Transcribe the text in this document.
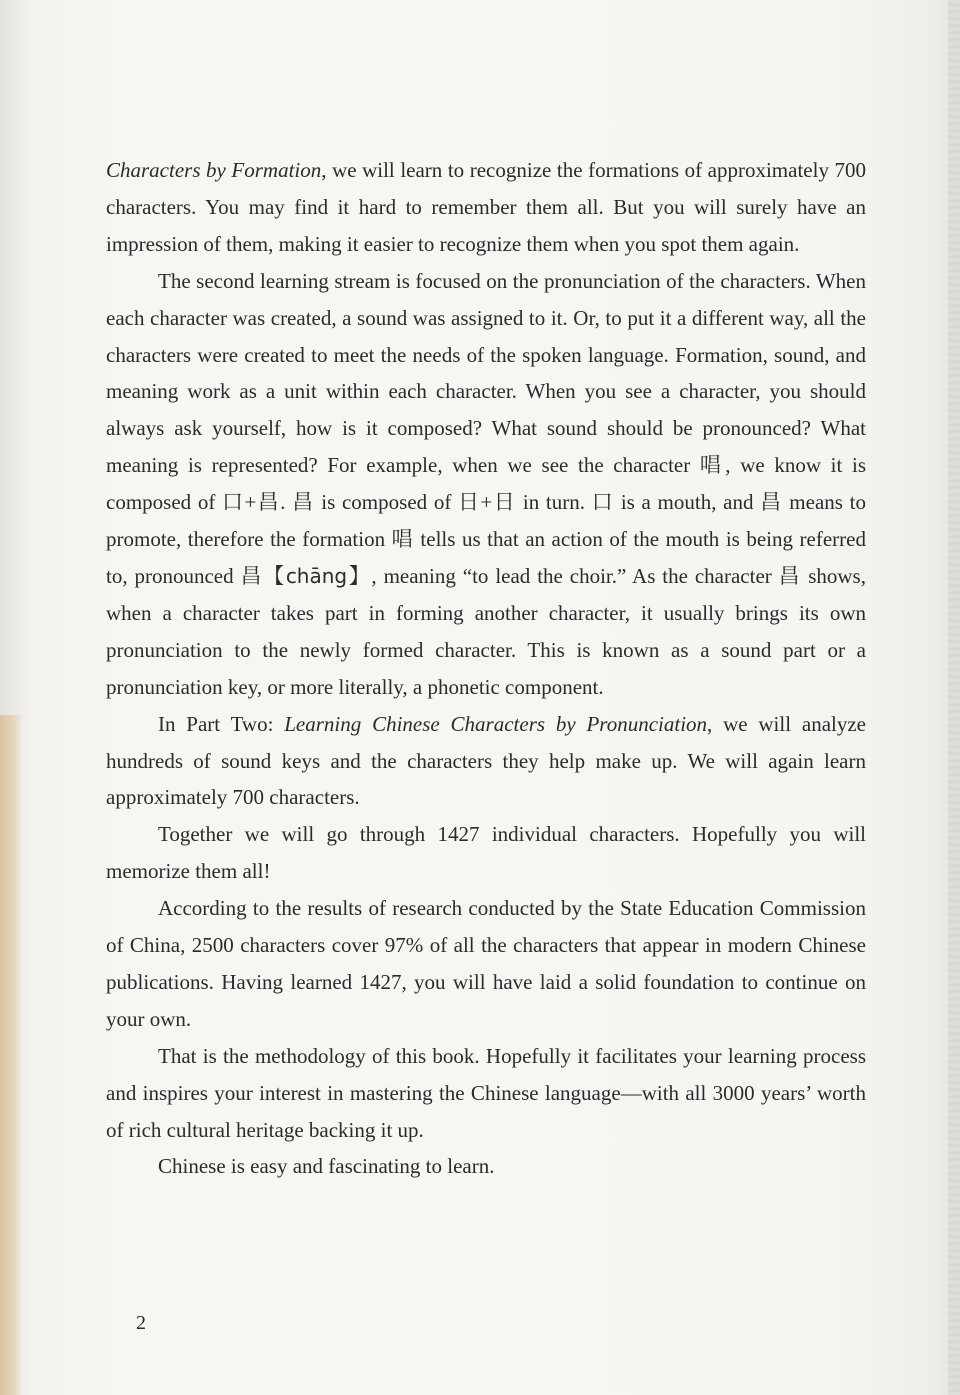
Characters by Formation, we will learn to recognize the formations of approximately 700 characters. You may find it hard to remember them all. But you will surely have an impression of them, making it easier to recognize them when you spot them again.

The second learning stream is focused on the pronunciation of the characters. When each character was created, a sound was assigned to it. Or, to put it a different way, all the characters were created to meet the needs of the spoken language. Formation, sound, and meaning work as a unit within each character. When you see a character, you should always ask yourself, how is it composed? What sound should be pronounced? What meaning is represented? For example, when we see the character 唱, we know it is composed of 口+昌. 昌 is composed of 日+日 in turn. 口 is a mouth, and 昌 means to promote, therefore the formation 唱 tells us that an action of the mouth is being referred to, pronounced 昌【chāng】, meaning “to lead the choir.” As the character 昌 shows, when a character takes part in forming another character, it usually brings its own pronunciation to the newly formed character. This is known as a sound part or a pronunciation key, or more literally, a phonetic component.

In Part Two: Learning Chinese Characters by Pronunciation, we will analyze hundreds of sound keys and the characters they help make up. We will again learn approximately 700 characters.

Together we will go through 1427 individual characters. Hopefully you will memorize them all!

According to the results of research conducted by the State Education Commission of China, 2500 characters cover 97% of all the characters that appear in modern Chinese publications. Having learned 1427, you will have laid a solid foundation to continue on your own.

That is the methodology of this book. Hopefully it facilitates your learning process and inspires your interest in mastering the Chinese language—with all 3000 years’ worth of rich cultural heritage backing it up.

Chinese is easy and fascinating to learn.

2
